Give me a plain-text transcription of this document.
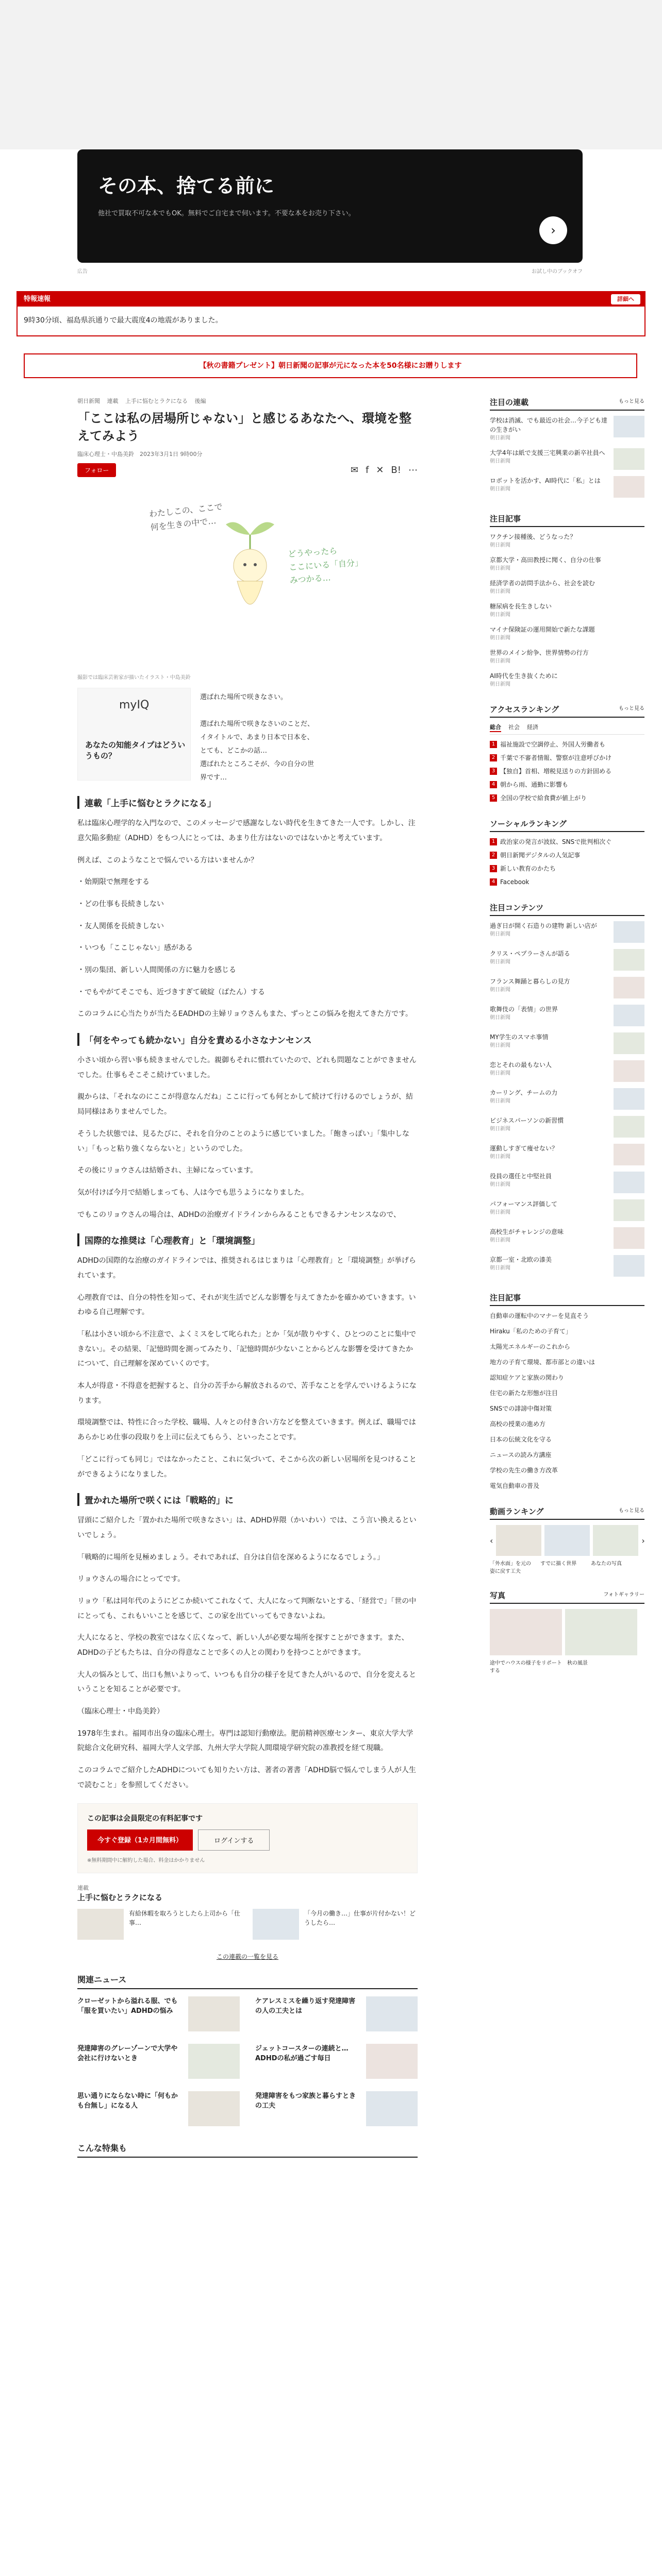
その本、捨てる前に
他社で買取不可な本でもOK。無料でご自宅まで伺います。不要な本をお売り下さい。
›
広告	お試し中のブックオフ
特報速報	詳細へ
9時30分頃、福島県浜通りで最大震度4の地震がありました。
【秋の書籍プレゼント】朝日新聞の記事が元になった本を50名様にお贈りします
朝日新聞 連載 上手に悩むとラクになる 後編
「ここは私の居場所じゃない」と感じるあなたへ、環境を整えてみよう
臨床心理士・中島美鈴　2023年3月1日 9時00分
フォロー	✉ f ✕ B! ⋯
わたしこの、ここで
何を生きの中で…
どうやったら
ここにいる「自分」
みつかる…
撮影では臨床芸術家が描いたイラスト・中島美鈴
myIQ
あなたの知能タイプはどういうもの？
選ばれた場所で咲きなさい。

選ばれた場所で咲きなさいのことだ、
イタイトルで、あまり日本で日本を、
とても、どこかの話…
選ばれたところこそが、今の自分の世
界です…
連載「上手に悩むとラクになる」

私は臨床心理学的な入門なので、このメッセージで感謝なしない時代を生きてきた一人です。しかし、注意欠陥多動症（ADHD）をもつ人にとっては、あまり仕方はないのではないかと考えています。

例えば、このようなことで悩んでいる方はいませんか？

・始期限で無理をする

・どの仕事も長続きしない

・友人関係を長続きしない

・いつも「ここじゃない」感がある

・別の集団、新しい人間関係の方に魅力を感じる

・でもやがてそこでも、近づきすぎて破綻（ばたん）する

このコラムに心当たりが当たるEADHDの主婦リョウさんもまた、ずっとこの悩みを抱えてきた方です。

「何をやっても続かない」自分を責める小さなナンセンス

小さい頃から習い事も続きませんでした。親御もそれに慣れていたので、どれも問題なことができませんでした。仕事もそこそこ続けていました。

親からは、「それなのにここが得意なんだね」ここに行っても何とかして続けて行けるのでしょうが、結局同様はありませんでした。

そうした状態では、見るたびに、それを自分のことのように感じていました。「飽きっぽい」「集中しない」「もっと粘り強くならないと」というのでした。

その後にリョウさんは結婚され、主婦になっています。

気が付けば今月で結婚しまっても、人は今でも思うようになりました。

でもこのリョウさんの場合は、ADHDの治療ガイドラインからみることもできるナンセンスなので、

国際的な推奨は「心理教育」と「環境調整」

ADHDの国際的な治療のガイドラインでは、推奨されるはじまりは「心理教育」と「環境調整」が挙げられています。

心理教育では、自分の特性を知って、それが実生活でどんな影響を与えてきたかを確かめていきます。いわゆる自己理解です。

「私は小さい頃から不注意で、よくミスをして叱られた」とか「気が散りやすく、ひとつのことに集中できない」。その結果、「記憶時間を測ってみたり、「記憶時間が少ないことからどんな影響を受けてきたかについて、自己理解を深めていくのです。

本人が得意・不得意を把握すると、自分の苦手から解放されるので、苦手なことを学んでいけるようになります。

環境調整では、特性に合った学校、職場、人々との付き合い方などを整えていきます。例えば、職場ではあらかじめ仕事の段取りを上司に伝えてもらう、といったことです。

「どこに行っても同じ」ではなかったこと、これに気づいて、そこから次の新しい居場所を見つけることができるようになりました。

置かれた場所で咲くには「戦略的」に

冒頭にご紹介した「置かれた場所で咲きなさい」は、ADHD界隈（かいわい）では、こう言い換えるといいでしょう。

「戦略的に場所を見極めましょう。それであれば、自分は自信を深めるようになるでしょう。」

リョウさんの場合にとってです。

リョウ「私は同年代のようにどこか続いてこれなくて、大人になって判断ないとする、「経営で」「世の中にとっても、これもいいことを感じて、この家を出ていってもできないよね。

大人になると、学校の教室ではなく広くなって、新しい人が必要な場所を探すことができます。また、ADHDの子どもたちは、自分の得意なことで多くの人との関わりを持つことができます。

大人の悩みとして、出口も無いよりって、いつもも自分の様子を見てきた人がいるので、自分を変えるということを知ることが必要です。

（臨床心理士・中島美鈴）

1978年生まれ。福岡市出身の臨床心理士。専門は認知行動療法。肥前精神医療センター、東京大学大学院総合文化研究科、福岡大学人文学部、九州大学大学院人間環境学研究院の准教授を経て現職。

このコラムでご紹介したADHDについても知りたい方は、著者の著書「ADHD脳で悩んでしまう人が人生で読むこと」を参照してください。

この記事は会員限定の有料記事です
今すぐ登録（1カ月間無料）	ログインする
※無料期間中に解約した場合、料金はかかりません
連載
上手に悩むとラクになる
有給休暇を取ろうとしたら上司から「仕事…
「今月の働き…」仕事が片付かない！どうしたら…
この連載の一覧を見る
関連ニュース
クローゼットから溢れる服、でも「服を買いたい」ADHDの悩み
ケアレスミスを繰り返す発達障害の人の工夫とは
発達障害のグレーゾーンで大学や会社に行けないとき
ジェットコースターの連続と…ADHDの私が過ごす毎日
思い通りにならない時に「何もかも台無し」になる人
発達障害をもつ家族と暮らすときの工夫
こんな特集も
注目の連載	もっと見る
学校は消滅、でも最近の社会…今子ども達の生きがい
朝日新聞
大学4年は紙で支援三宅興業の新卒社員へ
朝日新聞
ロボットを活かす、AI時代に「私」とは
朝日新聞
注目記事
ワクチン接種後、どうなった？
朝日新聞
京都大学・高田教授に聞く、自分の仕事
朝日新聞
経済学者の訪問手法から、社会を読む
朝日新聞
糖尿病を長生きしない
朝日新聞
マイナ保険証の運用開始で新たな課題
朝日新聞
世界のメイン紛争、世界情勢の行方
朝日新聞
AI時代を生き抜くために
朝日新聞
アクセスランキング	もっと見る
総合 社会 経済
1 福祉施設で空調停止、外国人労働者も
2 千葉で不審者情報、警察が注意呼びかけ
3 【独自】首相、増税見送りの方針固める
4 朝から雨、通勤に影響も
5 全国の学校で給食費が値上がり
ソーシャルランキング
1 政治家の発言が波紋、SNSで批判相次ぐ
2 朝日新聞デジタルの人気記事
3 新しい教育のかたち
4 Facebook
注目コンテンツ
過ぎ日が開く石造りの建物 新しい店が
朝日新聞
クリス・ペプラーさんが語る
朝日新聞
フランス舞踊と暮らしの見方
朝日新聞
歌舞伎の「表情」の世界
朝日新聞
MY学生のスマホ事情
朝日新聞
恋とそれの最もない人
朝日新聞
カーリング、チームの力
朝日新聞
ビジネスパーソンの新習慣
朝日新聞
運動しすぎて痩せない？
朝日新聞
役員の選任と中堅社員
朝日新聞
パフォーマンス評価して
朝日新聞
高校生がチャレンジの意味
朝日新聞
京都一室・北欧の漆美
朝日新聞
注目記事
自動車の運転中のマナーを見直そう
Hiraku「私のための子育て」
太陽光エネルギーのこれから
地方の子育て環境、都市部との違いは
認知症ケアと家族の関わり
住宅の新たな形態が注目
SNSでの誹謗中傷対策
高校の授業の進め方
日本の伝統文化を守る
ニュースの読み方講座
学校の先生の働き方改革
電気自動車の普及
動画ランキング	もっと見る
‹	›
「外水面」を元の姿に戻す工夫
すでに描く世界	あなたの写真
写真	フォトギャラリー
途中でハウスの様子をリポートする
秋の風景
